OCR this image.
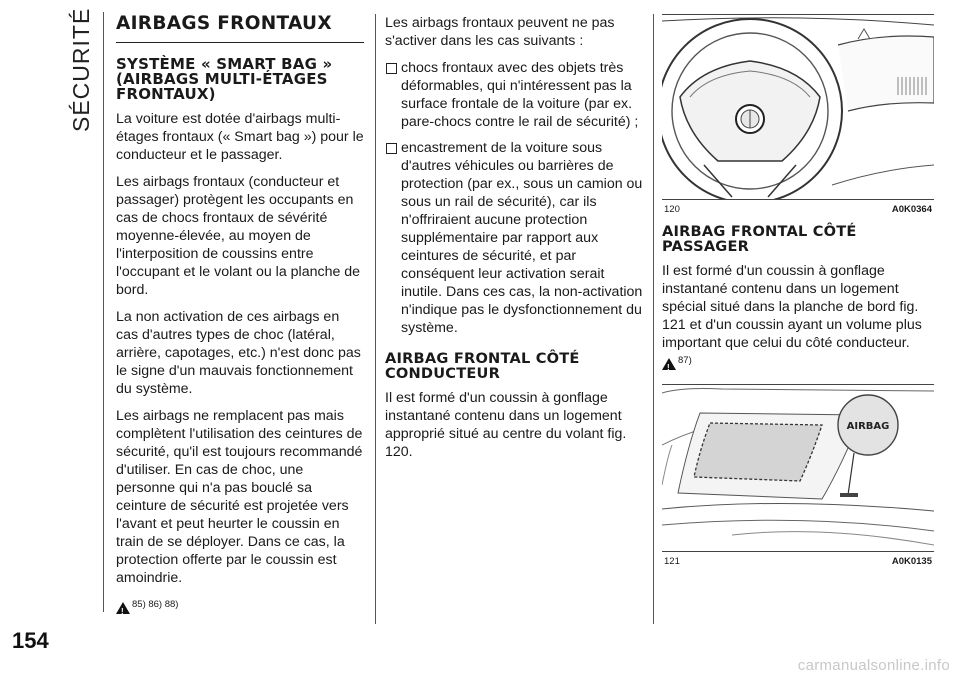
SÉCURITÉ AIRBAGS FRONTAUX
SYSTÈME « SMART BAG » (AIRBAGS MULTI-ÉTAGES FRONTAUX)

La voiture est dotée d'airbags multi-étages frontaux (« Smart bag ») pour le conducteur et le passager.

Les airbags frontaux (conducteur et passager) protègent les occupants en cas de chocs frontaux de sévérité moyenne-élevée, au moyen de l'interposition de coussins entre l'occupant et le volant ou la planche de bord.

La non activation de ces airbags en cas d'autres types de choc (latéral, arrière, capotages, etc.) n'est donc pas le signe d'un mauvais fonctionnement du système.

Les airbags ne remplacent pas mais complètent l'utilisation des ceintures de sécurité, qu'il est toujours recommandé d'utiliser. En cas de choc, une personne qui n'a pas bouclé sa ceinture de sécurité est projetée vers l'avant et peut heurter le coussin en train de se déployer. Dans ce cas, la protection offerte par le coussin est amoindrie.

!
85) 86) 88)

Les airbags frontaux peuvent ne pas s'activer dans les cas suivants :

chocs frontaux avec des objets très déformables, qui n'intéressent pas la surface frontale de la voiture (par ex. pare-chocs contre le rail de sécurité) ;
encastrement de la voiture sous d'autres véhicules ou barrières de protection (par ex., sous un camion ou sous un rail de sécurité), car ils n'offriraient aucune protection supplémentaire par rapport aux ceintures de sécurité, et par conséquent leur activation serait inutile. Dans ces cas, la non-activation n'indique pas le dysfonctionnement du système.
AIRBAG FRONTAL CÔTÉ CONDUCTEUR

Il est formé d'un coussin à gonflage instantané contenu dans un logement approprié situé au centre du volant fig. 120.

120	A0K0364
AIRBAG FRONTAL CÔTÉ PASSAGER

Il est formé d'un coussin à gonflage instantané contenu dans un logement spécial situé dans la planche de bord fig. 121 et d'un coussin ayant un volume plus important que celui du côté conducteur.
!
87)

AIRBAG
121	A0K0135
154
carmanualsonline.info
